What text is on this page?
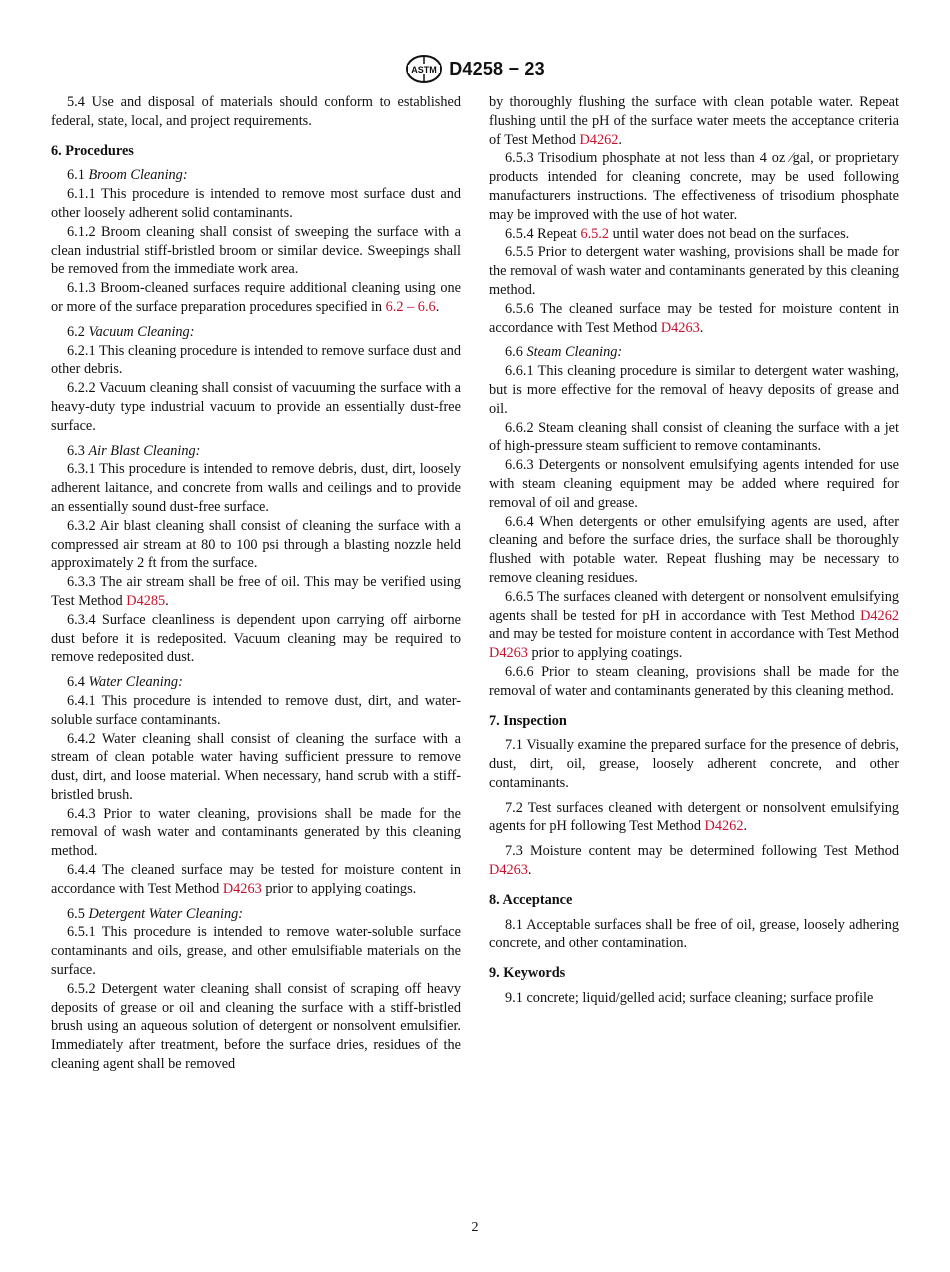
ASTM D4258 − 23

5.4 Use and disposal of materials should conform to established federal, state, local, and project requirements.

6. Procedures

6.1 Broom Cleaning:

6.1.1 This procedure is intended to remove most surface dust and other loosely adherent solid contaminants.

6.1.2 Broom cleaning shall consist of sweeping the surface with a clean industrial stiff-bristled broom or similar device. Sweepings shall be removed from the immediate work area.

6.1.3 Broom-cleaned surfaces require additional cleaning using one or more of the surface preparation procedures specified in 6.2 – 6.6.

6.2 Vacuum Cleaning:

6.2.1 This cleaning procedure is intended to remove surface dust and other debris.

6.2.2 Vacuum cleaning shall consist of vacuuming the surface with a heavy-duty type industrial vacuum to provide an essentially dust-free surface.

6.3 Air Blast Cleaning:

6.3.1 This procedure is intended to remove debris, dust, dirt, loosely adherent laitance, and concrete from walls and ceilings and to provide an essentially sound dust-free surface.

6.3.2 Air blast cleaning shall consist of cleaning the surface with a compressed air stream at 80 to 100 psi through a blasting nozzle held approximately 2 ft from the surface.

6.3.3 The air stream shall be free of oil. This may be verified using Test Method D4285.

6.3.4 Surface cleanliness is dependent upon carrying off airborne dust before it is redeposited. Vacuum cleaning may be required to remove redeposited dust.

6.4 Water Cleaning:

6.4.1 This procedure is intended to remove dust, dirt, and water-soluble surface contaminants.

6.4.2 Water cleaning shall consist of cleaning the surface with a stream of clean potable water having sufficient pressure to remove dust, dirt, and loose material. When necessary, hand scrub with a stiff-bristled brush.

6.4.3 Prior to water cleaning, provisions shall be made for the removal of wash water and contaminants generated by this cleaning method.

6.4.4 The cleaned surface may be tested for moisture content in accordance with Test Method D4263 prior to applying coatings.

6.5 Detergent Water Cleaning:

6.5.1 This procedure is intended to remove water-soluble surface contaminants and oils, grease, and other emulsifiable materials on the surface.

6.5.2 Detergent water cleaning shall consist of scraping off heavy deposits of grease or oil and cleaning the surface with a stiff-bristled brush using an aqueous solution of detergent or nonsolvent emulsifier. Immediately after treatment, before the surface dries, residues of the cleaning agent shall be removed

by thoroughly flushing the surface with clean potable water. Repeat flushing until the pH of the surface water meets the acceptance criteria of Test Method D4262.

6.5.3 Trisodium phosphate at not less than 4 oz ⁄gal, or proprietary products intended for cleaning concrete, may be used following manufacturers instructions. The effectiveness of trisodium phosphate may be improved with the use of hot water.

6.5.4 Repeat 6.5.2 until water does not bead on the surfaces.

6.5.5 Prior to detergent water washing, provisions shall be made for the removal of wash water and contaminants generated by this cleaning method.

6.5.6 The cleaned surface may be tested for moisture content in accordance with Test Method D4263.

6.6 Steam Cleaning:

6.6.1 This cleaning procedure is similar to detergent water washing, but is more effective for the removal of heavy deposits of grease and oil.

6.6.2 Steam cleaning shall consist of cleaning the surface with a jet of high-pressure steam sufficient to remove contaminants.

6.6.3 Detergents or nonsolvent emulsifying agents intended for use with steam cleaning equipment may be added where required for removal of oil and grease.

6.6.4 When detergents or other emulsifying agents are used, after cleaning and before the surface dries, the surface shall be thoroughly flushed with potable water. Repeat flushing may be necessary to remove cleaning residues.

6.6.5 The surfaces cleaned with detergent or nonsolvent emulsifying agents shall be tested for pH in accordance with Test Method D4262 and may be tested for moisture content in accordance with Test Method D4263 prior to applying coatings.

6.6.6 Prior to steam cleaning, provisions shall be made for the removal of water and contaminants generated by this cleaning method.

7. Inspection

7.1 Visually examine the prepared surface for the presence of debris, dust, dirt, oil, grease, loosely adherent concrete, and other contaminants.

7.2 Test surfaces cleaned with detergent or nonsolvent emulsifying agents for pH following Test Method D4262.

7.3 Moisture content may be determined following Test Method D4263.

8. Acceptance

8.1 Acceptable surfaces shall be free of oil, grease, loosely adhering concrete, and other contamination.

9. Keywords

9.1 concrete; liquid/gelled acid; surface cleaning; surface profile

2
